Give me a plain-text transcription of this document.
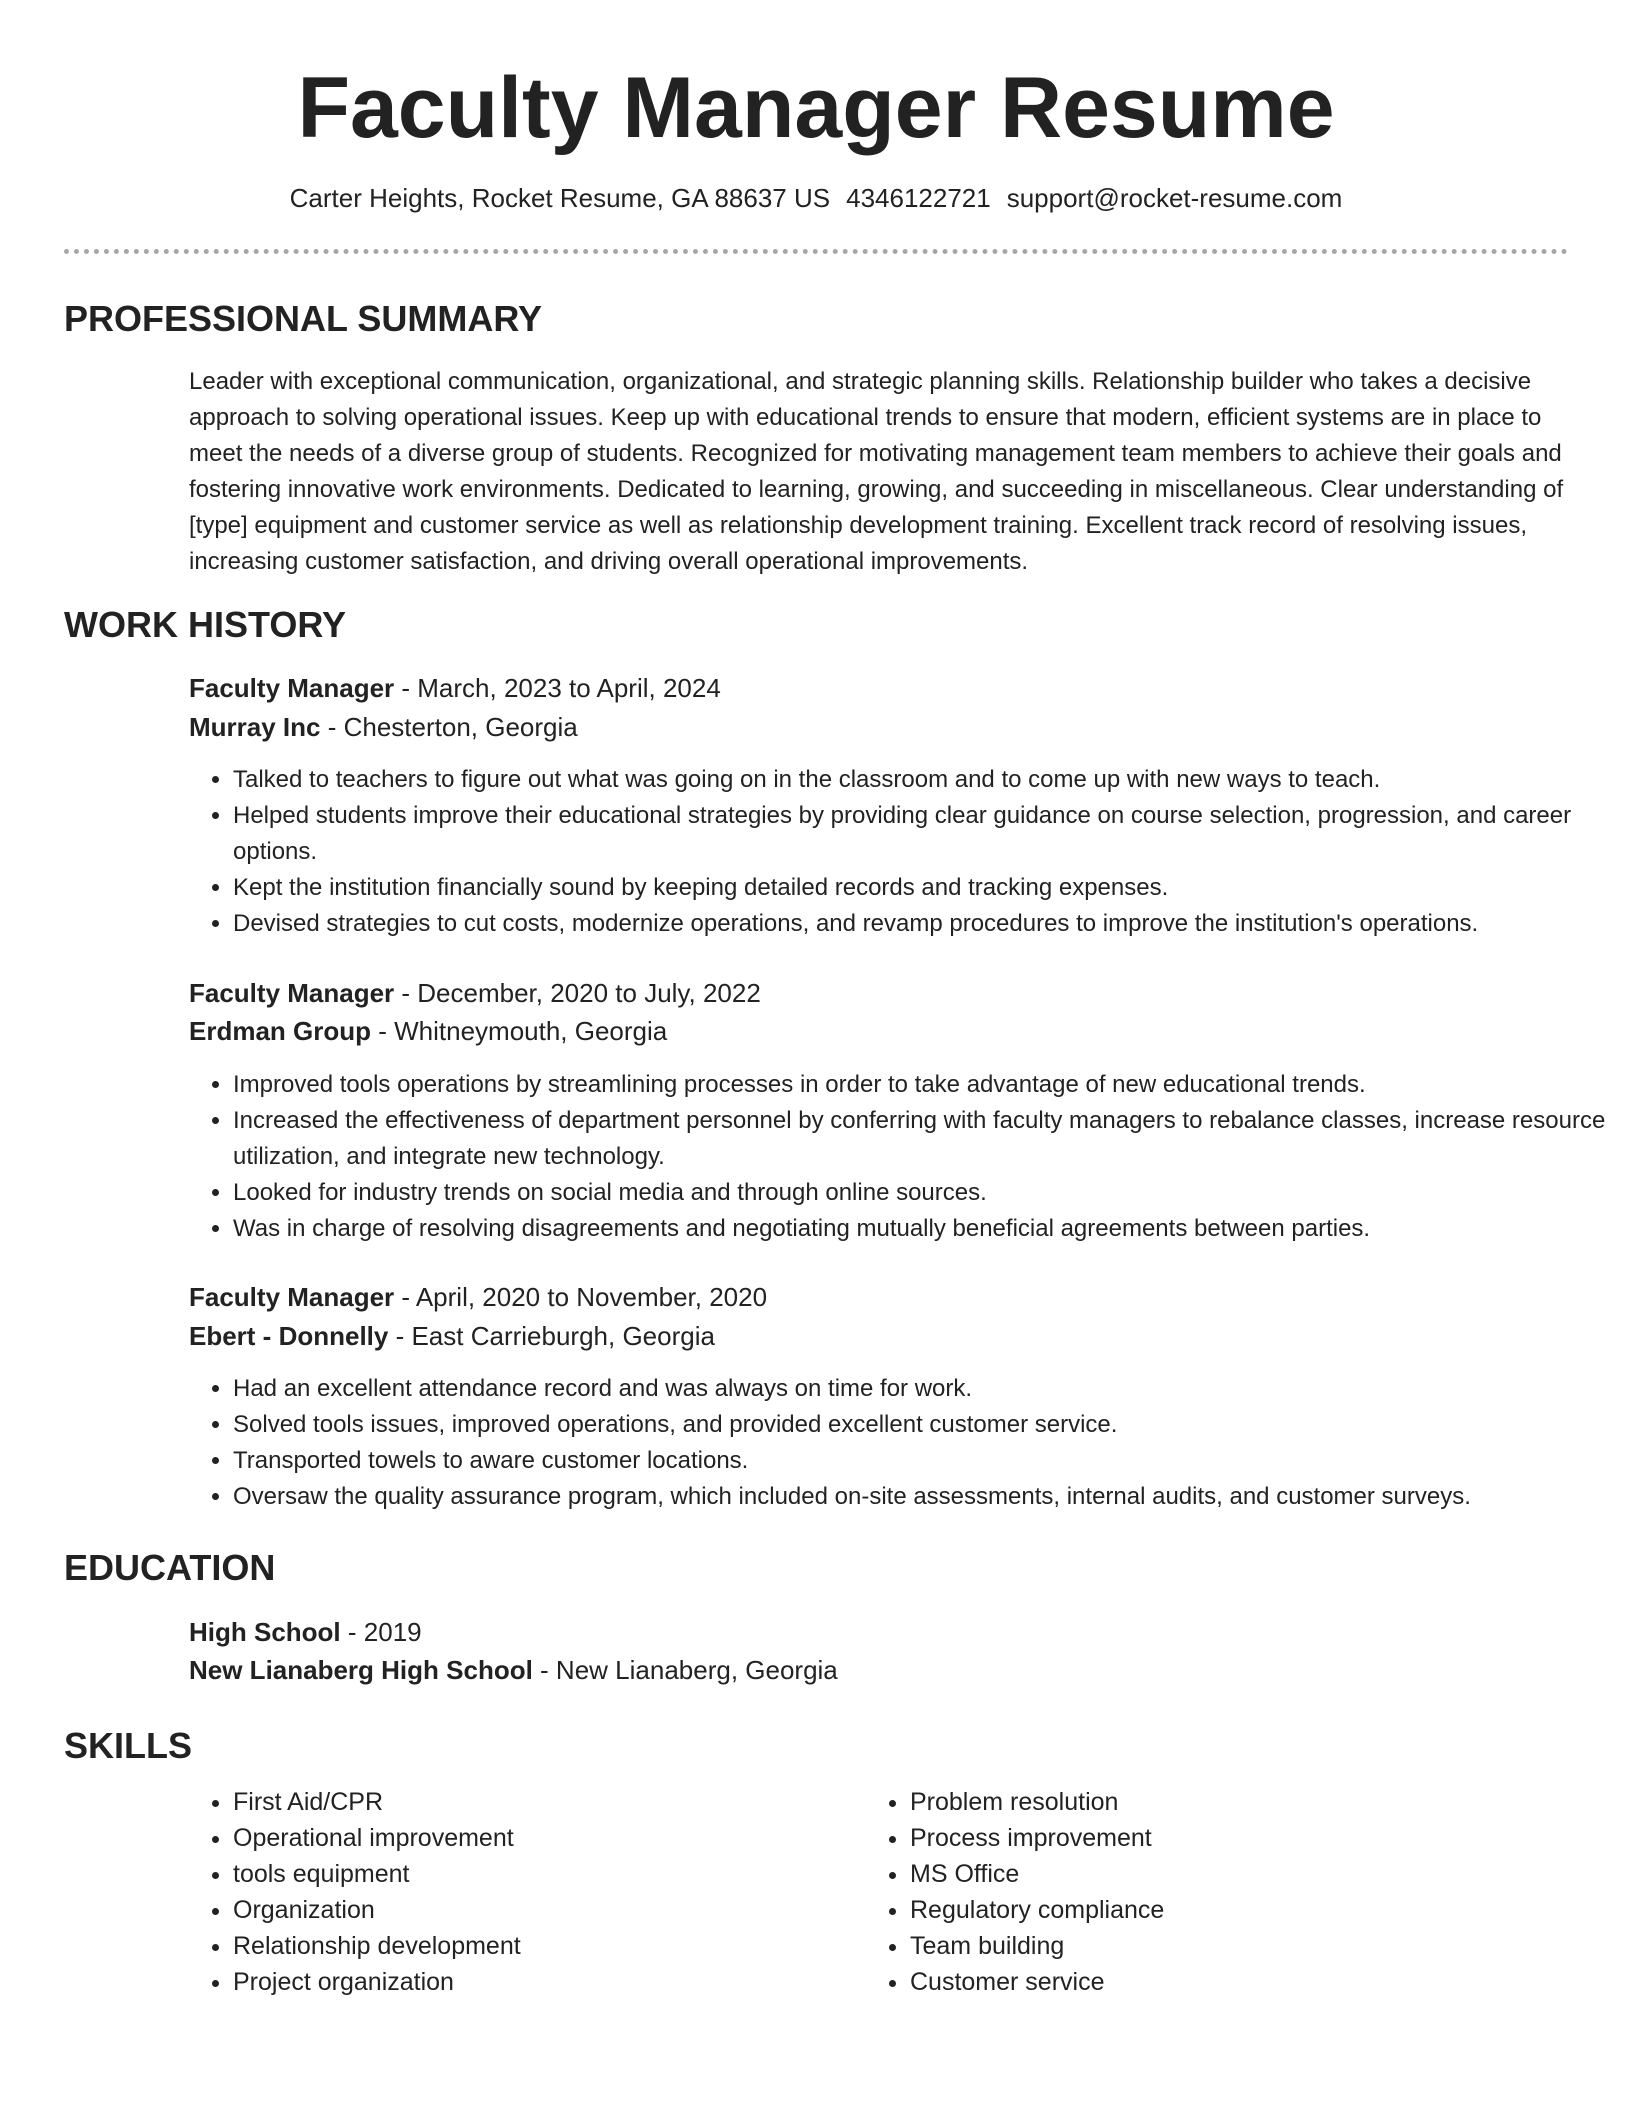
Faculty Manager Resume
Carter Heights, Rocket Resume, GA 88637 US 4346122721 support@rocket-resume.com
PROFESSIONAL SUMMARY
Leader with exceptional communication, organizational, and strategic planning skills. Relationship builder who takes a decisive approach to solving operational issues. Keep up with educational trends to ensure that modern, efficient systems are in place to meet the needs of a diverse group of students. Recognized for motivating management team members to achieve their goals and fostering innovative work environments. Dedicated to learning, growing, and succeeding in miscellaneous. Clear understanding of [type] equipment and customer service as well as relationship development training. Excellent track record of resolving issues, increasing customer satisfaction, and driving overall operational improvements.
WORK HISTORY
Faculty Manager - March, 2023 to April, 2024
Murray Inc - Chesterton, Georgia
• Talked to teachers to figure out what was going on in the classroom and to come up with new ways to teach.
• Helped students improve their educational strategies by providing clear guidance on course selection, progression, and career options.
• Kept the institution financially sound by keeping detailed records and tracking expenses.
• Devised strategies to cut costs, modernize operations, and revamp procedures to improve the institution's operations.
Faculty Manager - December, 2020 to July, 2022
Erdman Group - Whitneymouth, Georgia
• Improved tools operations by streamlining processes in order to take advantage of new educational trends.
• Increased the effectiveness of department personnel by conferring with faculty managers to rebalance classes, increase resource utilization, and integrate new technology.
• Looked for industry trends on social media and through online sources.
• Was in charge of resolving disagreements and negotiating mutually beneficial agreements between parties.
Faculty Manager - April, 2020 to November, 2020
Ebert - Donnelly - East Carrieburgh, Georgia
• Had an excellent attendance record and was always on time for work.
• Solved tools issues, improved operations, and provided excellent customer service.
• Transported towels to aware customer locations.
• Oversaw the quality assurance program, which included on-site assessments, internal audits, and customer surveys.
EDUCATION
High School - 2019
New Lianaberg High School - New Lianaberg, Georgia
SKILLS
• First Aid/CPR
• Operational improvement
• tools equipment
• Organization
• Relationship development
• Project organization
• Problem resolution
• Process improvement
• MS Office
• Regulatory compliance
• Team building
• Customer service
